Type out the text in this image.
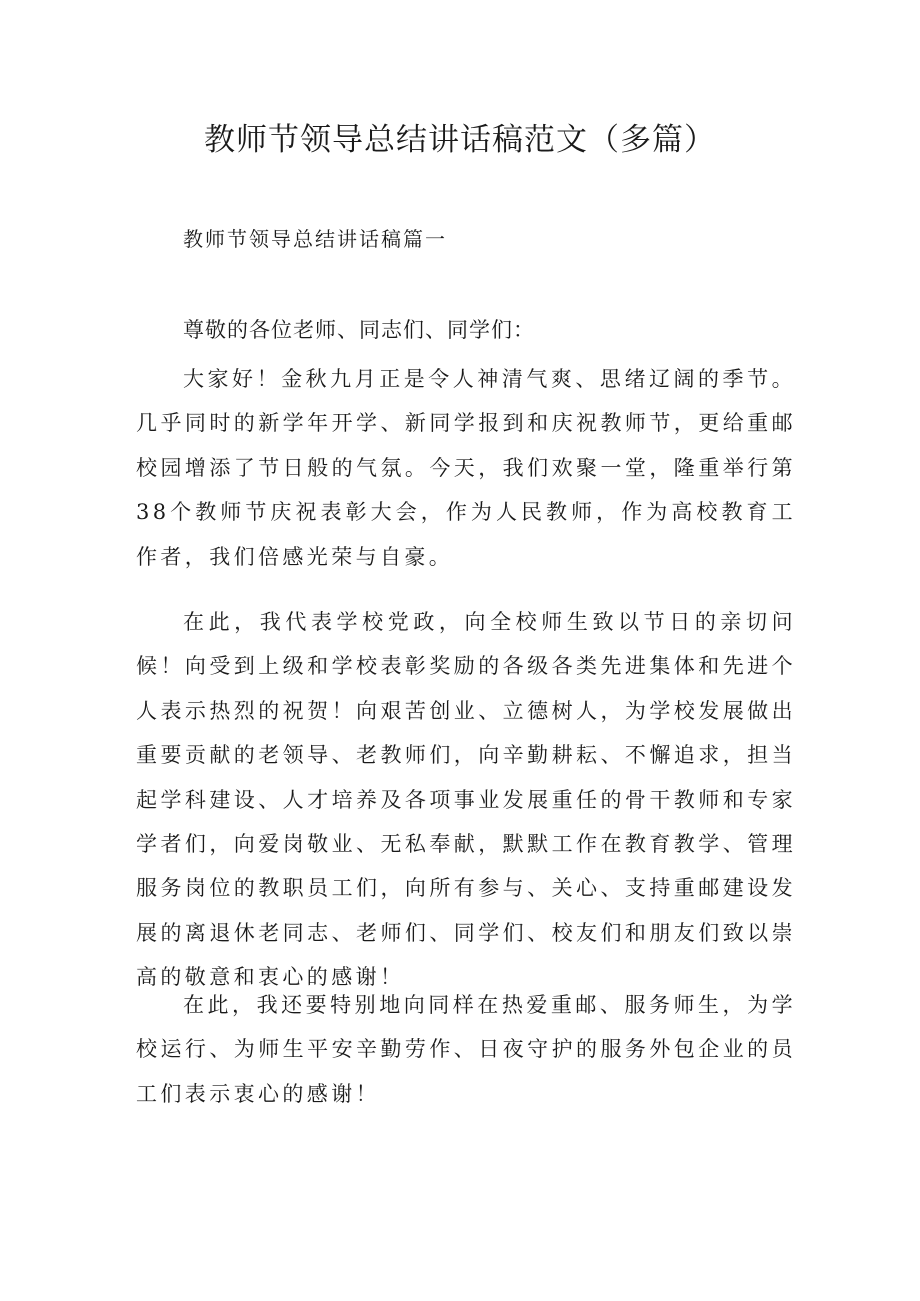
教师节领导总结讲话稿范文（多篇）
教师节领导总结讲话稿篇一

尊敬的各位老师、同志们、同学们：

大家好！金秋九月正是令人神清气爽、思绪辽阔的季节。几乎同时的新学年开学、新同学报到和庆祝教师节，更给重邮校园增添了节日般的气氛。今天，我们欢聚一堂，隆重举行第38个教师节庆祝表彰大会，作为人民教师，作为高校教育工作者，我们倍感光荣与自豪。

在此，我代表学校党政，向全校师生致以节日的亲切问候！向受到上级和学校表彰奖励的各级各类先进集体和先进个人表示热烈的祝贺！向艰苦创业、立德树人，为学校发展做出重要贡献的老领导、老教师们，向辛勤耕耘、不懈追求，担当起学科建设、人才培养及各项事业发展重任的骨干教师和专家学者们，向爱岗敬业、无私奉献，默默工作在教育教学、管理服务岗位的教职员工们，向所有参与、关心、支持重邮建设发展的离退休老同志、老师们、同学们、校友们和朋友们致以崇高的敬意和衷心的感谢！

在此，我还要特别地向同样在热爱重邮、服务师生，为学校运行、为师生平安辛勤劳作、日夜守护的服务外包企业的员工们表示衷心的感谢！
